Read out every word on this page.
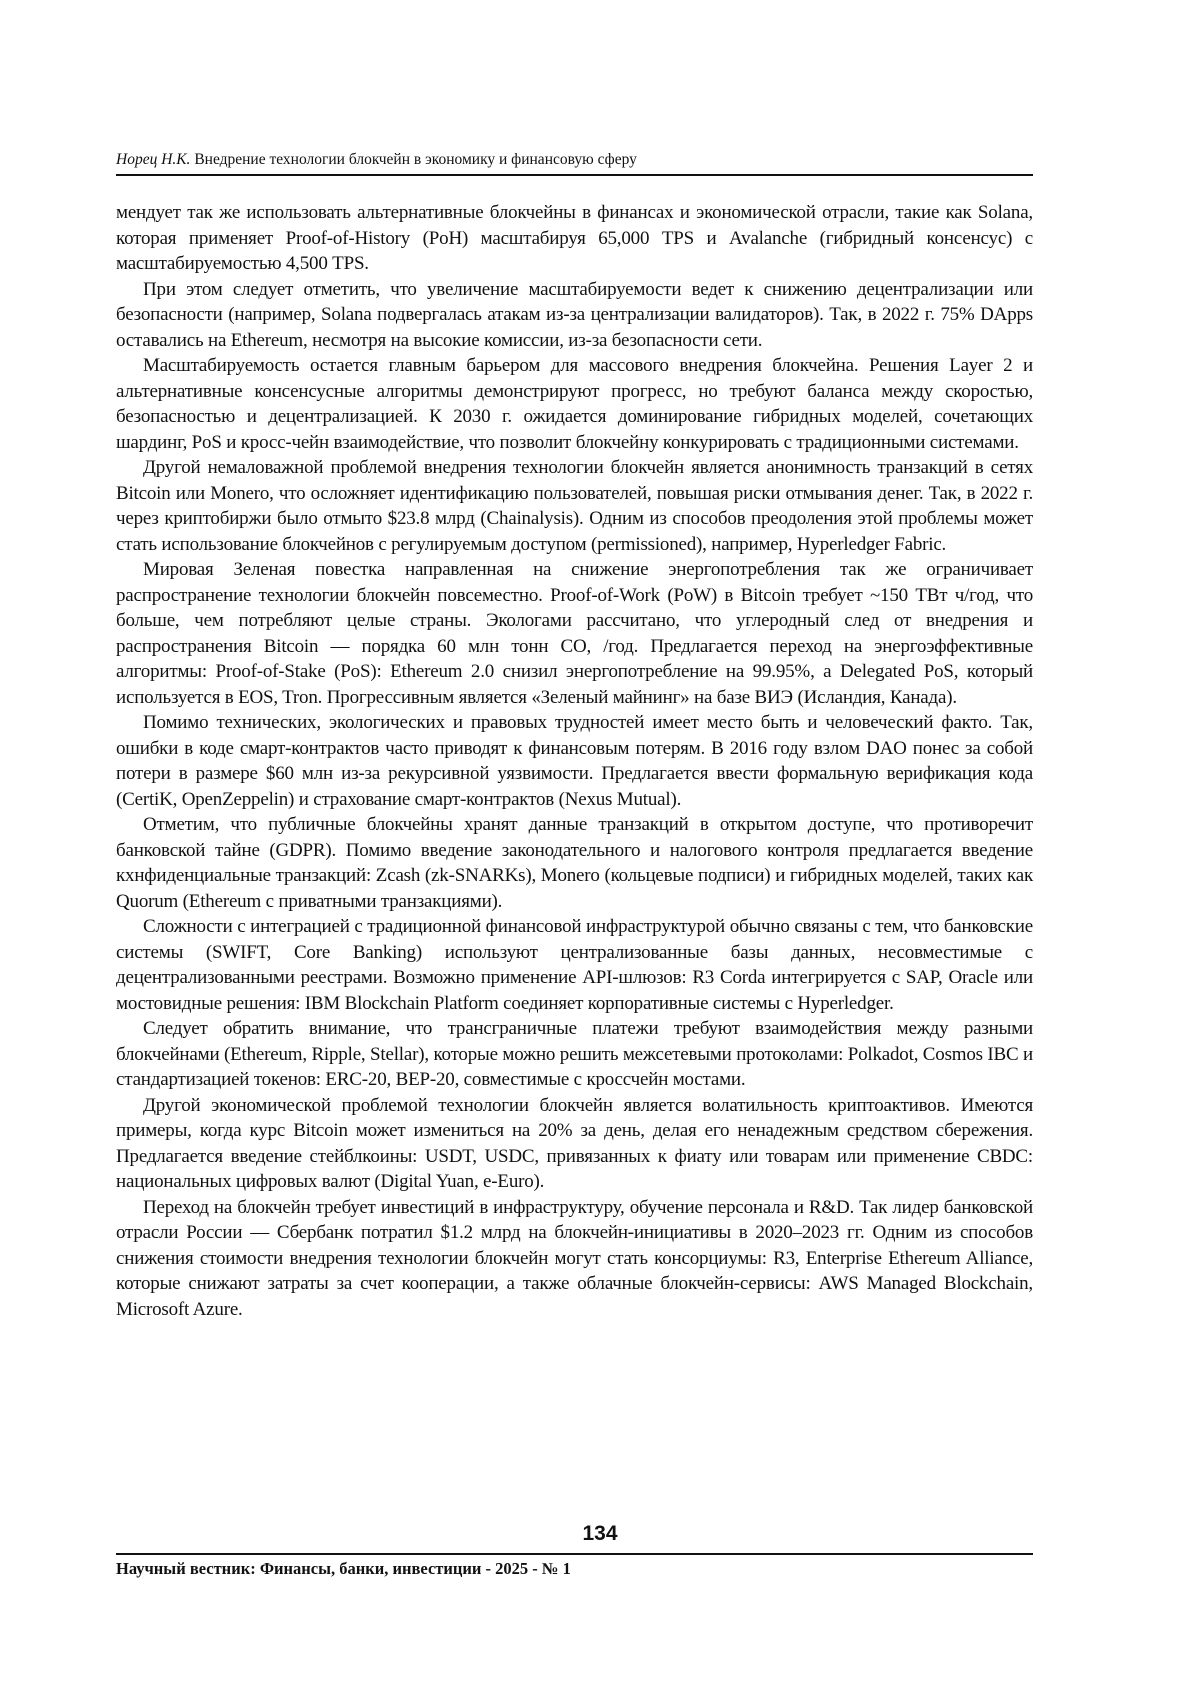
Норец Н.К. Внедрение технологии блокчейн в экономику и финансовую сферу

мендует так же использовать альтернативные блокчейны в финансах и экономической отрасли, такие как Solana, которая применяет Proof-of-History (PoH) масштабируя 65,000 TPS и Avalanche (гибридный консенсус) с масштабируемостью 4,500 TPS.

При этом следует отметить, что увеличение масштабируемости ведет к снижению децентрализации или безопасности (например, Solana подвергалась атакам из-за централизации валидаторов). Так, в 2022 г. 75% DApps оставались на Ethereum, несмотря на высокие комиссии, из-за безопасности сети.

Масштабируемость остается главным барьером для массового внедрения блокчейна. Решения Layer 2 и альтернативные консенсусные алгоритмы демонстрируют прогресс, но требуют баланса между скоростью, безопасностью и децентрализацией. К 2030 г. ожидается доминирование гибридных моделей, сочетающих шардинг, PoS и кросс-чейн взаимодействие, что позволит блокчейну конкурировать с традиционными системами.

Другой немаловажной проблемой внедрения технологии блокчейн является анонимность транзакций в сетях Bitcoin или Monero, что осложняет идентификацию пользователей, повышая риски отмывания денег. Так, в 2022 г. через криптобиржи было отмыто $23.8 млрд (Chainalysis). Одним из способов преодоления этой проблемы может стать использование блокчейнов с регулируемым доступом (permissioned), например, Hyperledger Fabric.

Мировая Зеленая повестка направленная на снижение энергопотребления так же ограничивает распространение технологии блокчейн повсеместно. Proof-of-Work (PoW) в Bitcoin требует ~150 ТВт ч/год, что больше, чем потребляют целые страны. Экологами рассчитано, что углеродный след от внедрения и распространения Bitcoin — порядка 60 млн тонн СО, /год. Предлагается переход на энергоэффективные алгоритмы: Proof-of-Stake (PoS): Ethereum 2.0 снизил энергопотребление на 99.95%, а Delegated PoS, который используется в EOS, Tron. Прогрессивным является «Зеленый майнинг» на базе ВИЭ (Исландия, Канада).

Помимо технических, экологических и правовых трудностей имеет место быть и человеческий факто. Так, ошибки в коде смарт-контрактов часто приводят к финансовым потерям. В 2016 году взлом DAO понес за собой потери в размере $60 млн из-за рекурсивной уязвимости. Предлагается ввести формальную верификация кода (CertiK, OpenZeppelin) и страхование смарт-контрактов (Nexus Mutual).

Отметим, что публичные блокчейны хранят данные транзакций в открытом доступе, что противоречит банковской тайне (GDPR). Помимо введение законодательного и налогового контроля предлагается введение кхнфиденциальные транзакций: Zcash (zk-SNARKs), Monero (кольцевые подписи) и гибридных моделей, таких как Quorum (Ethereum с приватными транзакциями).

Сложности с интеграцией с традиционной финансовой инфраструктурой обычно связаны с тем, что банковские системы (SWIFT, Core Banking) используют централизованные базы данных, несовместимые с децентрализованными реестрами. Возможно применение API-шлюзов: R3 Corda интегрируется с SAP, Oracle или мостовидные решения: IBM Blockchain Platform соединяет корпоративные системы с Hyperledger.

Следует обратить внимание, что трансграничные платежи требуют взаимодействия между разными блокчейнами (Ethereum, Ripple, Stellar), которые можно решить межсетевыми протоколами: Polkadot, Cosmos IBC и стандартизацией токенов: ERC-20, BEP-20, совместимые с кроссчейн мостами.

Другой экономической проблемой технологии блокчейн является волатильность криптоактивов. Имеются примеры, когда курс Bitcoin может измениться на 20% за день, делая его ненадежным средством сбережения. Предлагается введение стейблкоины: USDT, USDC, привязанных к фиату или товарам или применение CBDC: национальных цифровых валют (Digital Yuan, e-Euro).

Переход на блокчейн требует инвестиций в инфраструктуру, обучение персонала и R&D. Так лидер банковской отрасли России — Сбербанк потратил $1.2 млрд на блокчейн-инициативы в 2020–2023 гг. Одним из способов снижения стоимости внедрения технологии блокчейн могут стать консорциумы: R3, Enterprise Ethereum Alliance, которые снижают затраты за счет кооперации, а также облачные блокчейн-сервисы: AWS Managed Blockchain, Microsoft Azure.

134
Научный вестник: Финансы, банки, инвестиции - 2025 - № 1
